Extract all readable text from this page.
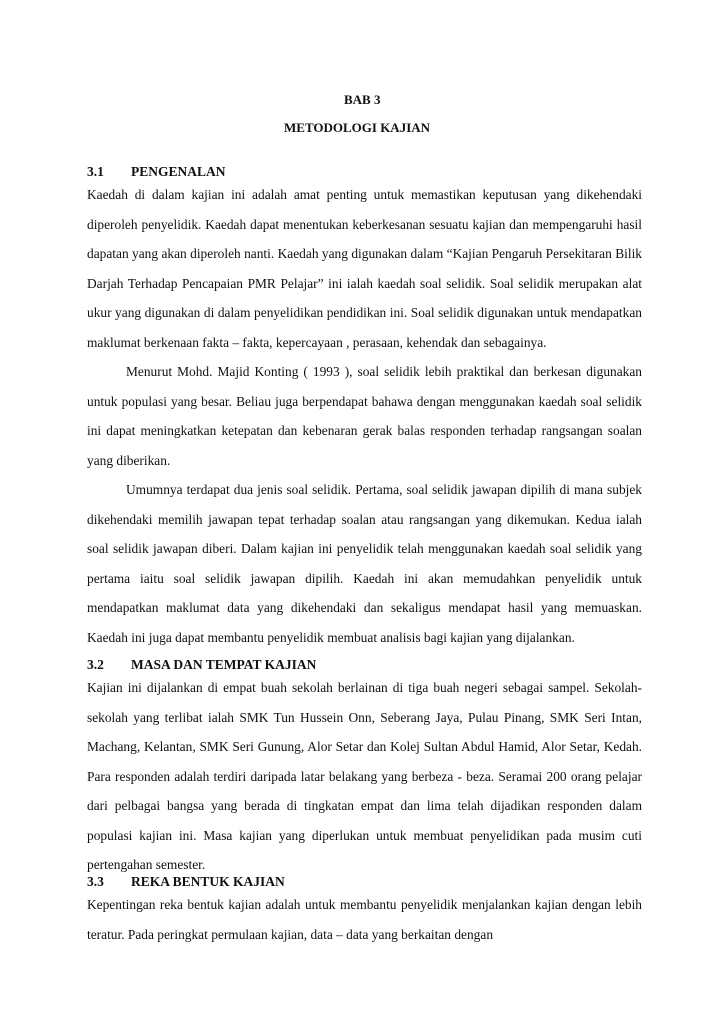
BAB 3
METODOLOGI KAJIAN
3.1 PENGENALAN

Kaedah di dalam kajian ini adalah amat penting untuk memastikan keputusan yang dikehendaki diperoleh penyelidik. Kaedah dapat menentukan keberkesanan sesuatu kajian dan mempengaruhi hasil dapatan yang akan diperoleh nanti. Kaedah yang digunakan dalam “Kajian Pengaruh Persekitaran Bilik Darjah Terhadap Pencapaian PMR Pelajar” ini ialah kaedah soal selidik. Soal selidik merupakan alat ukur yang digunakan di dalam penyelidikan pendidikan ini. Soal selidik digunakan untuk mendapatkan maklumat berkenaan fakta – fakta, kepercayaan , perasaan, kehendak dan sebagainya.

Menurut Mohd. Majid Konting ( 1993 ), soal selidik lebih praktikal dan berkesan digunakan untuk populasi yang besar. Beliau juga berpendapat bahawa dengan menggunakan kaedah soal selidik ini dapat meningkatkan ketepatan dan kebenaran gerak balas responden terhadap rangsangan soalan yang diberikan.

Umumnya terdapat dua jenis soal selidik. Pertama, soal selidik jawapan dipilih di mana subjek dikehendaki memilih jawapan tepat terhadap soalan atau rangsangan yang dikemukan. Kedua ialah soal selidik jawapan diberi. Dalam kajian ini penyelidik telah menggunakan kaedah soal selidik yang pertama iaitu soal selidik jawapan dipilih. Kaedah ini akan memudahkan penyelidik untuk mendapatkan maklumat data yang dikehendaki dan sekaligus mendapat hasil yang memuaskan. Kaedah ini juga dapat membantu penyelidik membuat analisis bagi kajian yang dijalankan.

3.2 MASA DAN TEMPAT KAJIAN

Kajian ini dijalankan di empat buah sekolah berlainan di tiga buah negeri sebagai sampel. Sekolah-sekolah yang terlibat ialah SMK Tun Hussein Onn, Seberang Jaya, Pulau Pinang, SMK Seri Intan, Machang, Kelantan, SMK Seri Gunung, Alor Setar dan Kolej Sultan Abdul Hamid, Alor Setar, Kedah. Para responden adalah terdiri daripada latar belakang yang berbeza - beza. Seramai 200 orang pelajar dari pelbagai bangsa yang berada di tingkatan empat dan lima telah dijadikan responden dalam populasi kajian ini. Masa kajian yang diperlukan untuk membuat penyelidikan pada musim cuti pertengahan semester.

3.3 REKA BENTUK KAJIAN

Kepentingan reka bentuk kajian adalah untuk membantu penyelidik menjalankan kajian dengan lebih teratur. Pada peringkat permulaan kajian, data – data yang berkaitan dengan
